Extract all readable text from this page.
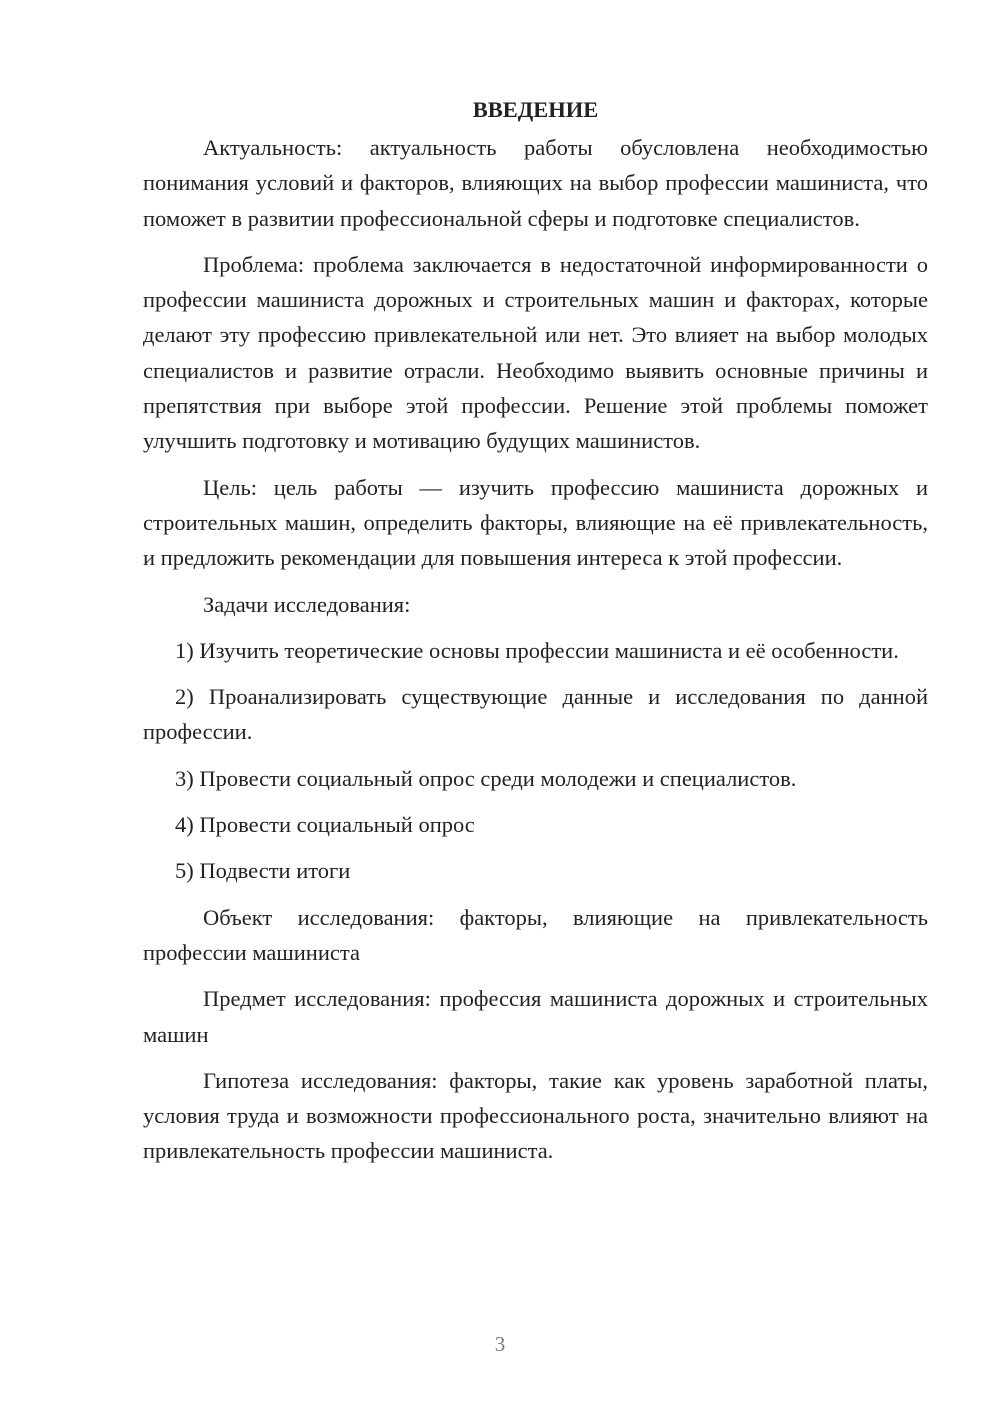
ВВЕДЕНИЕ

Актуальность: актуальность работы обусловлена необходимостью понимания условий и факторов, влияющих на выбор профессии машиниста, что поможет в развитии профессиональной сферы и подготовке специалистов.

Проблема: проблема заключается в недостаточной информированности о профессии машиниста дорожных и строительных машин и факторах, которые делают эту профессию привлекательной или нет. Это влияет на выбор молодых специалистов и развитие отрасли. Необходимо выявить основные причины и препятствия при выборе этой профессии. Решение этой проблемы поможет улучшить подготовку и мотивацию будущих машинистов.

Цель: цель работы — изучить профессию машиниста дорожных и строительных машин, определить факторы, влияющие на её привлекательность, и предложить рекомендации для повышения интереса к этой профессии.

Задачи исследования:

1) Изучить теоретические основы профессии машиниста и её особенности.

2) Проанализировать существующие данные и исследования по данной профессии.

3) Провести социальный опрос среди молодежи и специалистов.

4) Провести социальный опрос

5) Подвести итоги

Объект исследования: факторы, влияющие на привлекательность профессии машиниста

Предмет исследования: профессия машиниста дорожных и строительных машин

Гипотеза исследования: факторы, такие как уровень заработной платы, условия труда и возможности профессионального роста, значительно влияют на привлекательность профессии машиниста.

3
